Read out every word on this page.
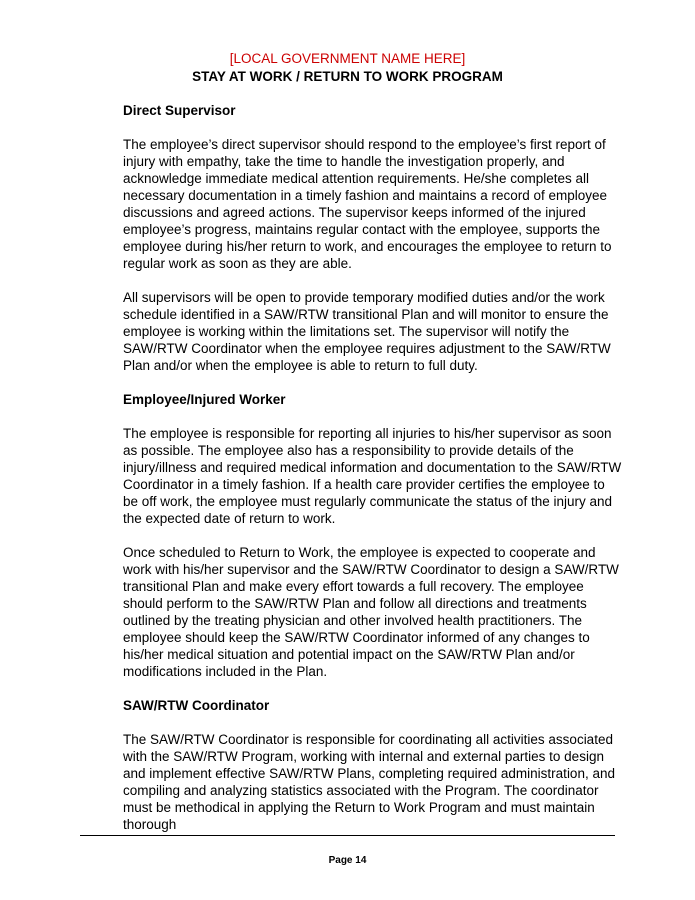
[LOCAL GOVERNMENT NAME HERE]
STAY AT WORK / RETURN TO WORK PROGRAM
Direct Supervisor

The employee’s direct supervisor should respond to the employee’s first report of injury with empathy, take the time to handle the investigation properly, and acknowledge immediate medical attention requirements. He/she completes all necessary documentation in a timely fashion and maintains a record of employee discussions and agreed actions. The supervisor keeps informed of the injured employee’s progress, maintains regular contact with the employee, supports the employee during his/her return to work, and encourages the employee to return to regular work as soon as they are able.

All supervisors will be open to provide temporary modified duties and/or the work schedule identified in a SAW/RTW transitional Plan and will monitor to ensure the employee is working within the limitations set. The supervisor will notify the SAW/RTW Coordinator when the employee requires adjustment to the SAW/RTW Plan and/or when the employee is able to return to full duty.

Employee/Injured Worker

The employee is responsible for reporting all injuries to his/her supervisor as soon as possible. The employee also has a responsibility to provide details of the injury/illness and required medical information and documentation to the SAW/RTW Coordinator in a timely fashion. If a health care provider certifies the employee to be off work, the employee must regularly communicate the status of the injury and the expected date of return to work.

Once scheduled to Return to Work, the employee is expected to cooperate and work with his/her supervisor and the SAW/RTW Coordinator to design a SAW/RTW transitional Plan and make every effort towards a full recovery. The employee should perform to the SAW/RTW Plan and follow all directions and treatments outlined by the treating physician and other involved health practitioners. The employee should keep the SAW/RTW Coordinator informed of any changes to his/her medical situation and potential impact on the SAW/RTW Plan and/or modifications included in the Plan.

SAW/RTW Coordinator

The SAW/RTW Coordinator is responsible for coordinating all activities associated with the SAW/RTW Program, working with internal and external parties to design and implement effective SAW/RTW Plans, completing required administration, and compiling and analyzing statistics associated with the Program. The coordinator must be methodical in applying the Return to Work Program and must maintain thorough

Page 14
